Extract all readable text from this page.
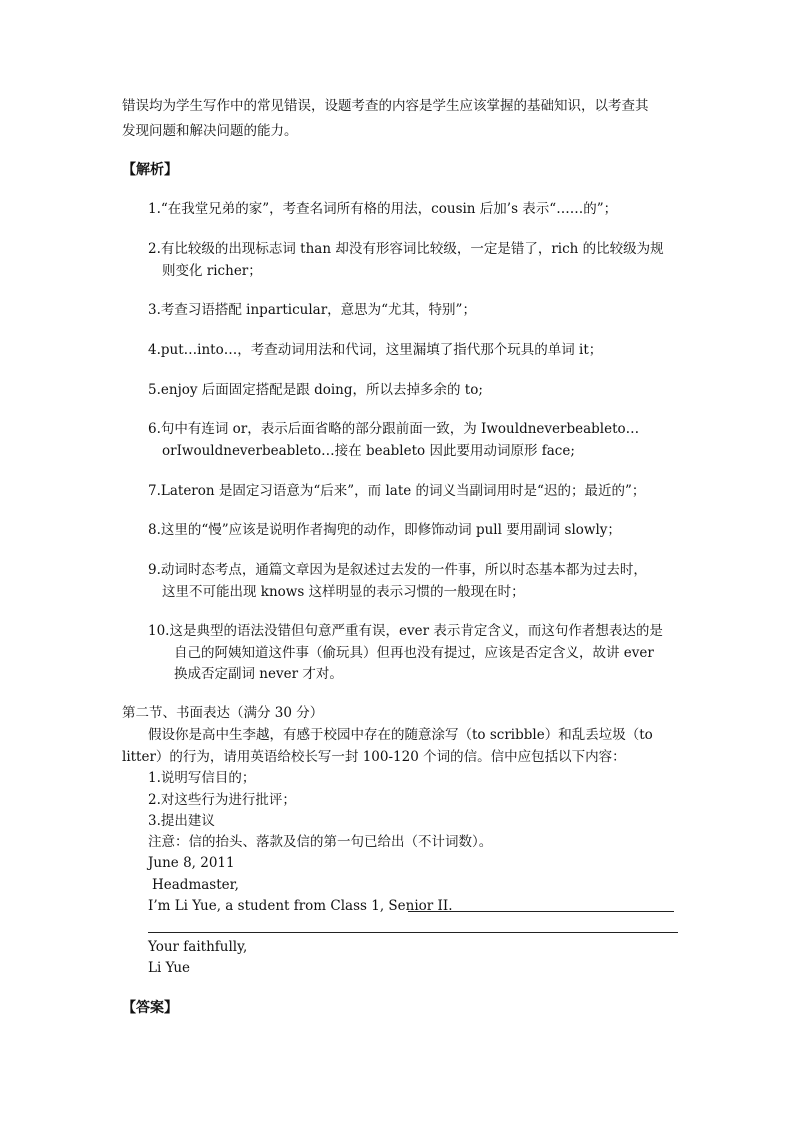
错误均为学生写作中的常见错误，设题考查的内容是学生应该掌握的基础知识，以考查其
发现问题和解决问题的能力。
【解析】
1.“在我堂兄弟的家”，考查名词所有格的用法，cousin 后加’s 表示“……的”；
2.有比较级的出现标志词 than 却没有形容词比较级，一定是错了，rich 的比较级为规
则变化 richer；
3.考查习语搭配 inparticular，意思为“尤其，特别”；
4.put…into…，考查动词用法和代词，这里漏填了指代那个玩具的单词 it；
5.enjoy 后面固定搭配是跟 doing，所以去掉多余的 to;
6.句中有连词 or，表示后面省略的部分跟前面一致，为 Iwouldneverbeableto…
orIwouldneverbeableto…接在 beableto 因此要用动词原形 face;
7.Lateron 是固定习语意为“后来”，而 late 的词义当副词用时是“迟的；最近的”；
8.这里的“慢”应该是说明作者掏兜的动作，即修饰动词 pull 要用副词 slowly；
9.动词时态考点，通篇文章因为是叙述过去发的一件事，所以时态基本都为过去时，
这里不可能出现 knows 这样明显的表示习惯的一般现在时；
10.这是典型的语法没错但句意严重有误，ever 表示肯定含义，而这句作者想表达的是
自己的阿姨知道这件事（偷玩具）但再也没有提过，应该是否定含义，故讲 ever
换成否定副词 never 才对。
第二节、书面表达（满分 30 分）
假设你是高中生李越，有感于校园中存在的随意涂写（to scribble）和乱丢垃圾（to
litter）的行为，请用英语给校长写一封 100-120 个词的信。信中应包括以下内容：
1.说明写信目的；
2.对这些行为进行批评；
3.提出建议
注意：信的抬头、落款及信的第一句已给出（不计词数）。
June 8, 2011
Headmaster,
I’m Li Yue, a student from Class 1, Senior II.
Your faithfully,
Li Yue
【答案】
